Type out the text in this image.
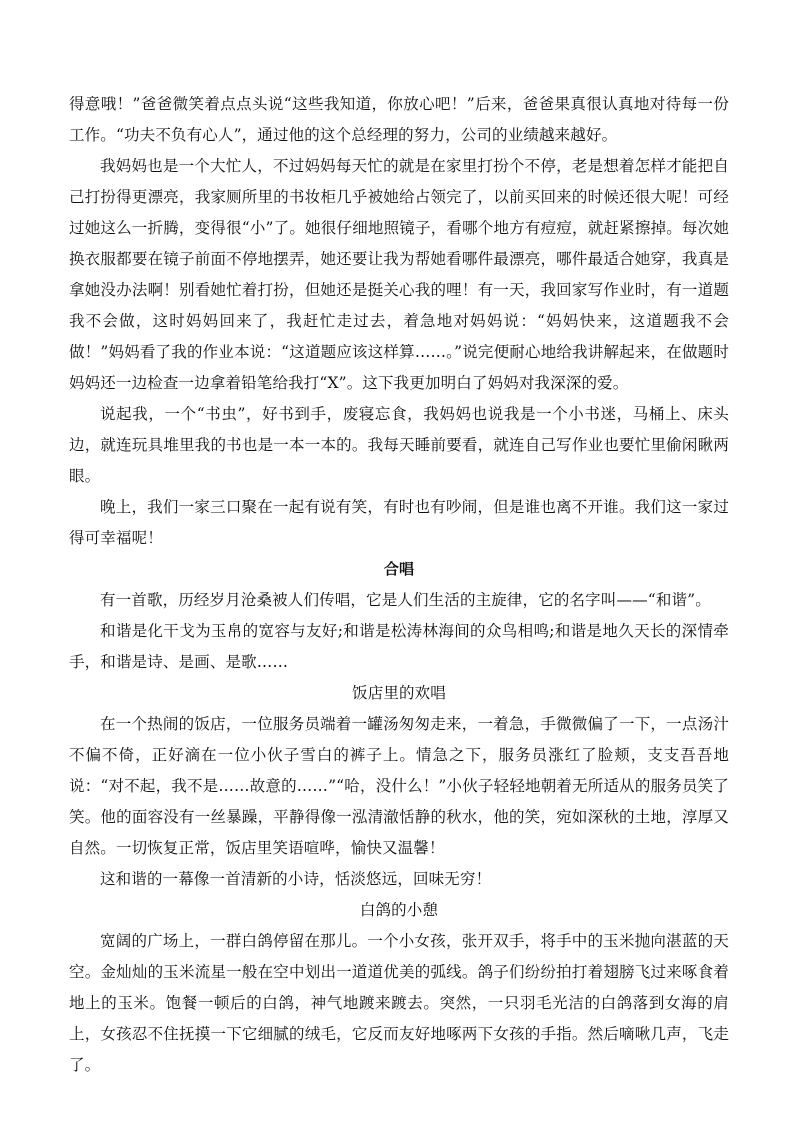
得意哦！”爸爸微笑着点点头说“这些我知道，你放心吧！”后来，爸爸果真很认真地对待每一份工作。“功夫不负有心人”，通过他的这个总经理的努力，公司的业绩越来越好。

我妈妈也是一个大忙人，不过妈妈每天忙的就是在家里打扮个不停，老是想着怎样才能把自己打扮得更漂亮，我家厕所里的书妆柜几乎被她给占领完了，以前买回来的时候还很大呢！可经过她这么一折腾，变得很“小”了。她很仔细地照镜子，看哪个地方有痘痘，就赶紧擦掉。每次她换衣服都要在镜子前面不停地摆弄，她还要让我为帮她看哪件最漂亮，哪件最适合她穿，我真是拿她没办法啊！别看她忙着打扮，但她还是挺关心我的哩！有一天，我回家写作业时，有一道题我不会做，这时妈妈回来了，我赶忙走过去，着急地对妈妈说：“妈妈快来，这道题我不会做！”妈妈看了我的作业本说：“这道题应该这样算……。”说完便耐心地给我讲解起来，在做题时妈妈还一边检查一边拿着铅笔给我打“X”。这下我更加明白了妈妈对我深深的爱。

说起我，一个“书虫”，好书到手，废寝忘食，我妈妈也说我是一个小书迷，马桶上、床头边，就连玩具堆里我的书也是一本一本的。我每天睡前要看，就连自己写作业也要忙里偷闲瞅两眼。

晚上，我们一家三口聚在一起有说有笑，有时也有吵闹，但是谁也离不开谁。我们这一家过得可幸福呢！

合唱

有一首歌，历经岁月沧桑被人们传唱，它是人们生活的主旋律，它的名字叫——“和谐”。

和谐是化干戈为玉帛的宽容与友好;和谐是松涛林海间的众鸟相鸣;和谐是地久天长的深情牵手，和谐是诗、是画、是歌……

饭店里的欢唱

在一个热闹的饭店，一位服务员端着一罐汤匆匆走来，一着急，手微微偏了一下，一点汤汁不偏不倚，正好滴在一位小伙子雪白的裤子上。情急之下，服务员涨红了脸颊，支支吾吾地说：“对不起，我不是……故意的……”“哈，没什么！”小伙子轻轻地朝着无所适从的服务员笑了笑。他的面容没有一丝暴躁，平静得像一泓清澈恬静的秋水，他的笑，宛如深秋的土地，淳厚又自然。一切恢复正常，饭店里笑语喧哗，愉快又温馨！

这和谐的一幕像一首清新的小诗，恬淡悠远，回味无穷！

白鸽的小憩

宽阔的广场上，一群白鸽停留在那儿。一个小女孩，张开双手，将手中的玉米抛向湛蓝的天空。金灿灿的玉米流星一般在空中划出一道道优美的弧线。鸽子们纷纷拍打着翅膀飞过来啄食着地上的玉米。饱餐一顿后的白鸽，神气地踱来踱去。突然，一只羽毛光洁的白鸽落到女海的肩上，女孩忍不住抚摸一下它细腻的绒毛，它反而友好地啄两下女孩的手指。然后嘀啾几声，飞走了。
